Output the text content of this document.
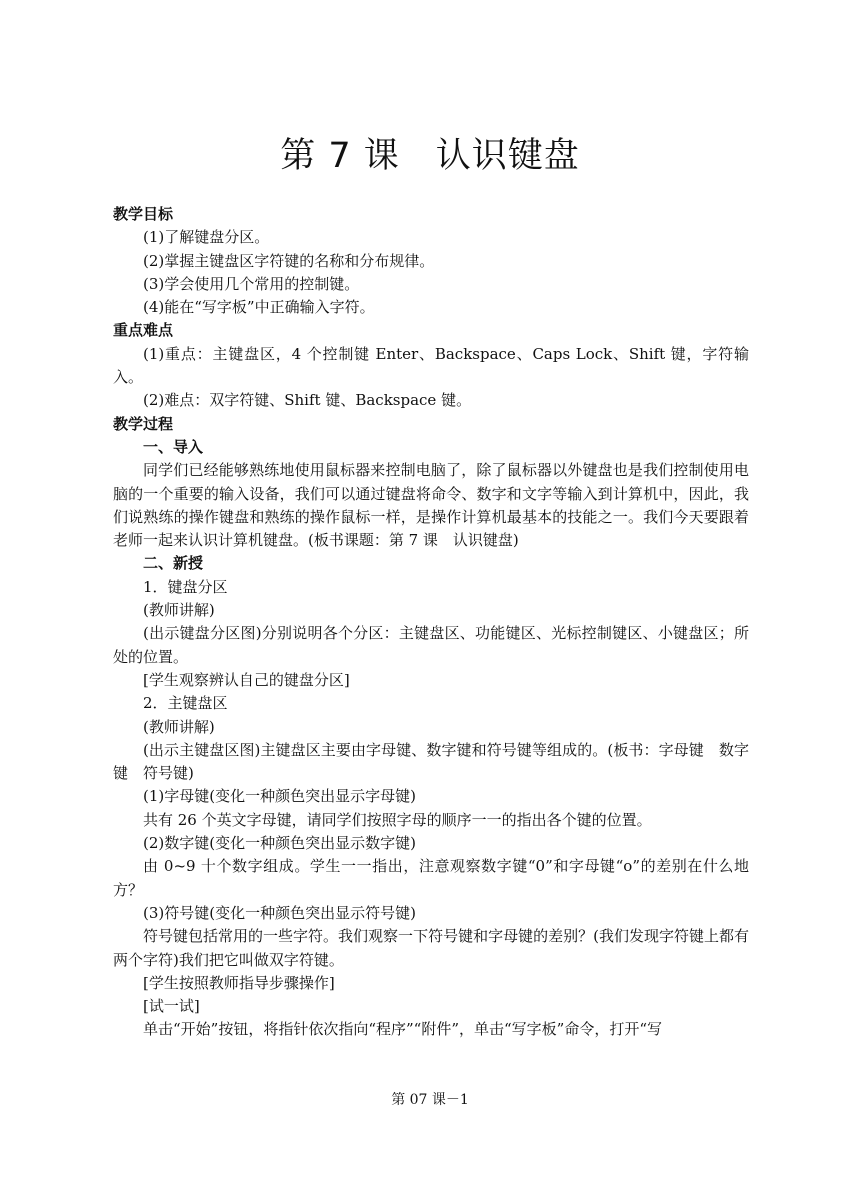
第 7 课　认识键盘

教学目标

(1)了解键盘分区。

(2)掌握主键盘区字符键的名称和分布规律。

(3)学会使用几个常用的控制键。

(4)能在“写字板”中正确输入字符。

重点难点

(1)重点：主键盘区，4 个控制键 Enter、Backspace、Caps Lock、Shift 键，字符输入。

(2)难点：双字符键、Shift 键、Backspace 键。

教学过程

一、导入

同学们已经能够熟练地使用鼠标器来控制电脑了，除了鼠标器以外键盘也是我们控制使用电脑的一个重要的输入设备，我们可以通过键盘将命令、数字和文字等输入到计算机中，因此，我们说熟练的操作键盘和熟练的操作鼠标一样，是操作计算机最基本的技能之一。我们今天要跟着老师一起来认识计算机键盘。(板书课题：第 7 课　认识键盘)

二、新授

1．键盘分区

(教师讲解)

(出示键盘分区图)分别说明各个分区：主键盘区、功能键区、光标控制键区、小键盘区；所处的位置。

[学生观察辨认自己的键盘分区]

2．主键盘区

(教师讲解)

(出示主键盘区图)主键盘区主要由字母键、数字键和符号键等组成的。(板书：字母键　数字键　符号键)

(1)字母键(变化一种颜色突出显示字母键)

共有 26 个英文字母键，请同学们按照字母的顺序一一的指出各个键的位置。

(2)数字键(变化一种颜色突出显示数字键)

由 0~9 十个数字组成。学生一一指出，注意观察数字键“0”和字母键“o”的差别在什么地方？

(3)符号键(变化一种颜色突出显示符号键)

符号键包括常用的一些字符。我们观察一下符号键和字母键的差别？(我们发现字符键上都有两个字符)我们把它叫做双字符键。

[学生按照教师指导步骤操作]

[试一试]

单击“开始”按钮，将指针依次指向“程序”“附件”，单击“写字板”命令，打开“写

第 07 课－1
